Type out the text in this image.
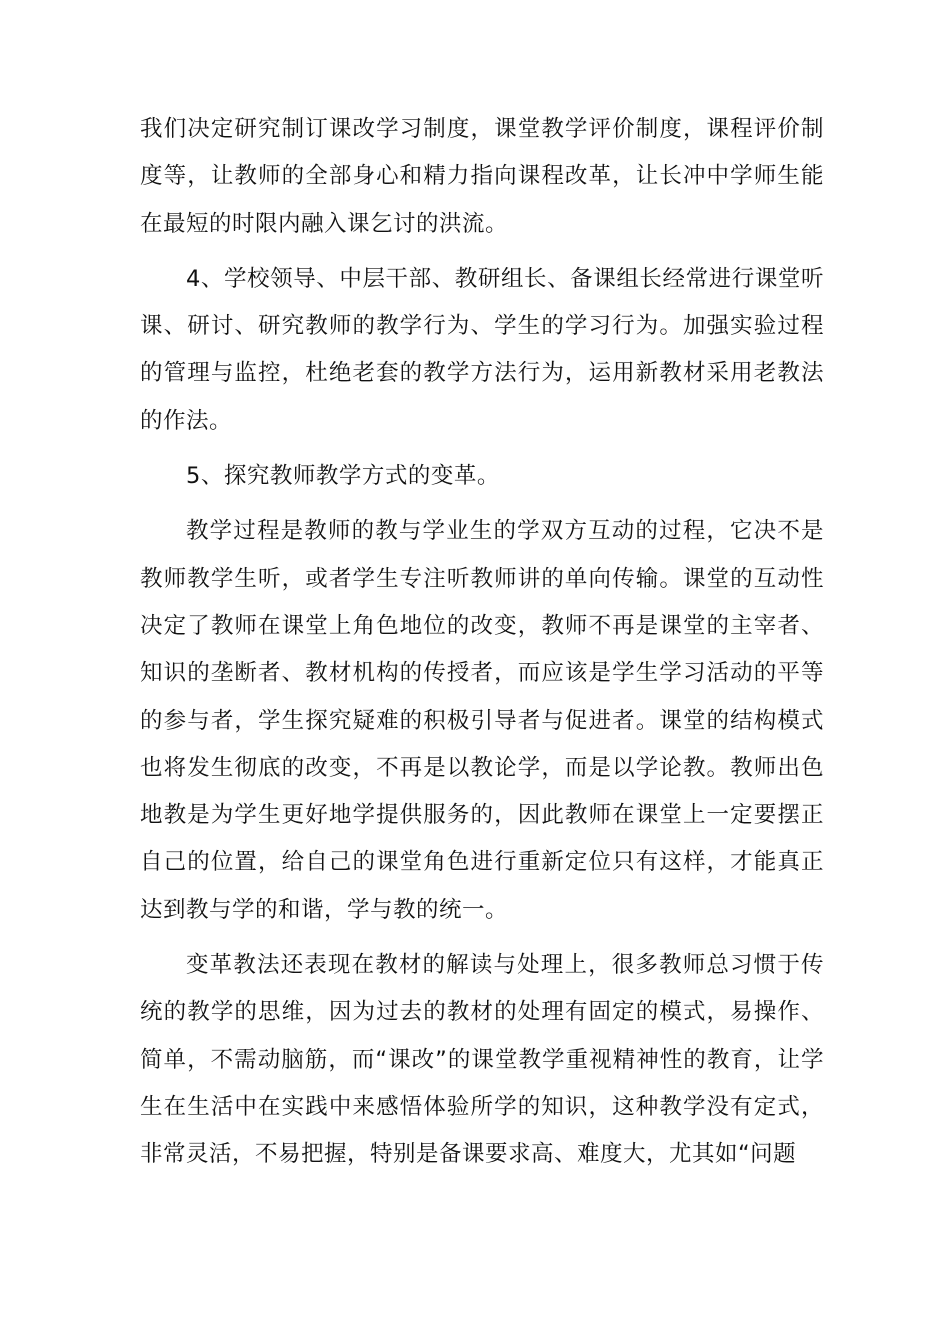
我们决定研究制订课改学习制度，课堂教学评价制度，课程评价制度等，让教师的全部身心和精力指向课程改革，让长冲中学师生能在最短的时限内融入课乞讨的洪流。

4、学校领导、中层干部、教研组长、备课组长经常进行课堂听课、研讨、研究教师的教学行为、学生的学习行为。加强实验过程的管理与监控，杜绝老套的教学方法行为，运用新教材采用老教法的作法。

5、探究教师教学方式的变革。

教学过程是教师的教与学业生的学双方互动的过程，它决不是教师教学生听，或者学生专注听教师讲的单向传输。课堂的互动性决定了教师在课堂上角色地位的改变，教师不再是课堂的主宰者、知识的垄断者、教材机构的传授者，而应该是学生学习活动的平等的参与者，学生探究疑难的积极引导者与促进者。课堂的结构模式也将发生彻底的改变，不再是以教论学，而是以学论教。教师出色地教是为学生更好地学提供服务的，因此教师在课堂上一定要摆正自己的位置，给自己的课堂角色进行重新定位只有这样，才能真正达到教与学的和谐，学与教的统一。

变革教法还表现在教材的解读与处理上，很多教师总习惯于传统的教学的思维，因为过去的教材的处理有固定的模式，易操作、简单，不需动脑筋，而“课改”的课堂教学重视精神性的教育，让学生在生活中在实践中来感悟体验所学的知识，这种教学没有定式，非常灵活，不易把握，特别是备课要求高、难度大，尤其如“问题
